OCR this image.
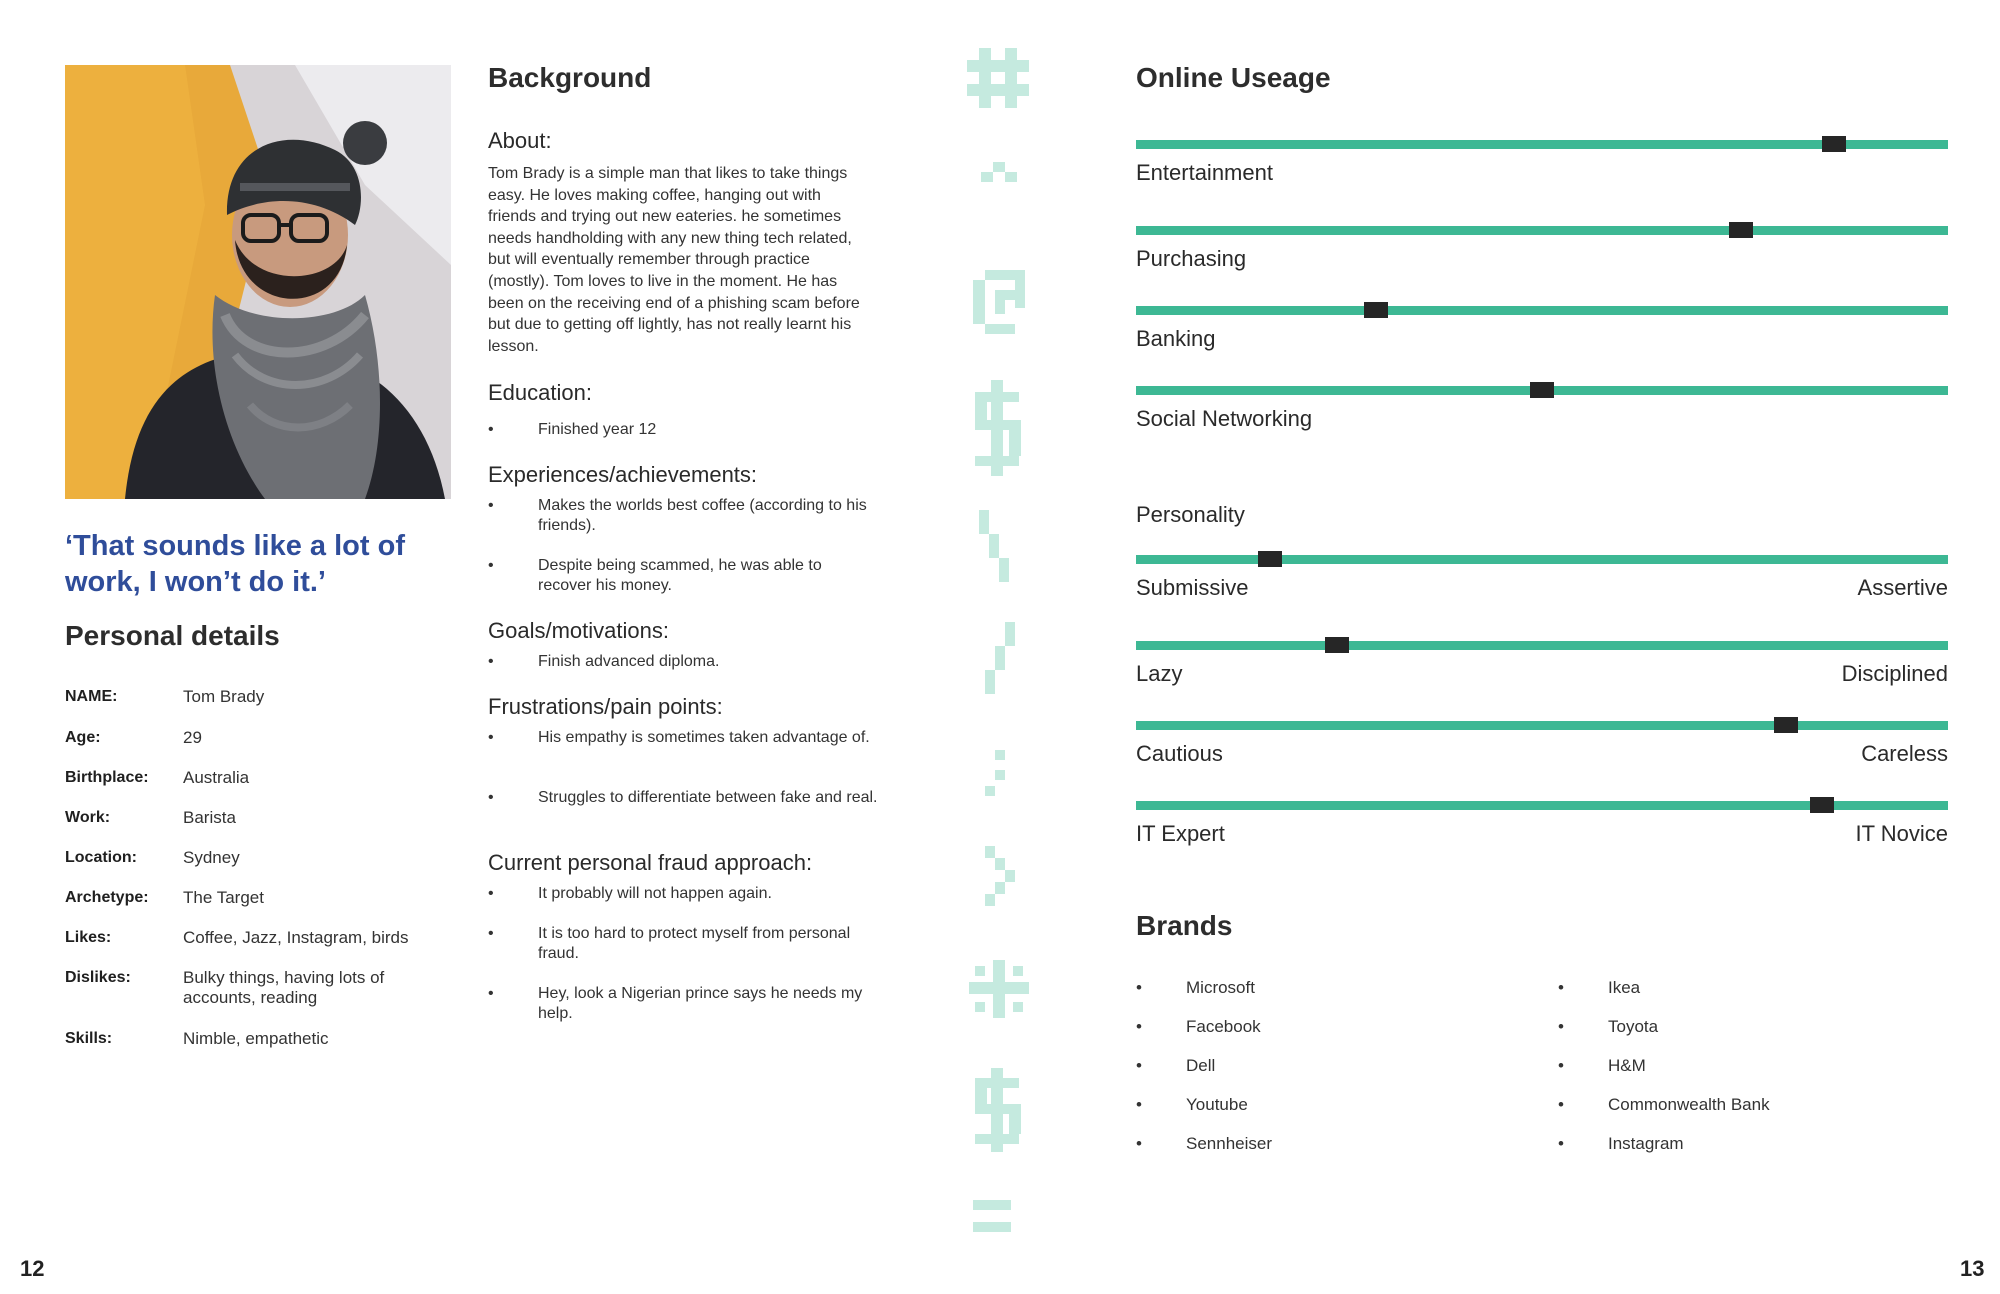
‘That sounds like a lot of work, I won’t do it.’
Personal details
NAME:	Tom Brady
Age:	29
Birthplace: Australia
Work:	Barista
Location:	Sydney
Archetype: The Target
Likes:	Coffee, Jazz, Instagram, birds
Dislikes:	Bulky things, having lots of accounts, reading
Skills:	Nimble, empathetic
Background
About:
Tom Brady is a simple man that likes to take things easy. He loves making coffee, hanging out with friends and trying out new eateries. he sometimes needs handholding with any new thing tech related, but will eventually remember through practice (mostly). Tom loves to live in the moment. He has been on the receiving end of a phishing scam before but due to getting off lightly, has not really learnt his lesson.
Education:
•	Finished year 12
Experiences/achievements:
•	Makes the worlds best coffee (according to his friends).
•	Despite being scammed, he was able to recover his money.
Goals/motivations:
•	Finish advanced diploma.
Frustrations/pain points:
•	His empathy is sometimes taken advantage of.
•	Struggles to differentiate between fake and real.
Current personal fraud approach:
•	It probably will not happen again.
•	It is too hard to protect myself from personal fraud.
•	Hey, look a Nigerian prince says he needs my help.
12
Online Useage
Entertainment
Purchasing
Banking
Social Networking
Personality
Submissive	Assertive
Lazy	Disciplined
Cautious	Careless
IT Expert	IT Novice
Brands
•	Microsoft
•	Facebook
•	Dell
•	Youtube
•	Sennheiser
•	Ikea
•	Toyota
•	H&M
•	Commonwealth Bank
•	Instagram
13
